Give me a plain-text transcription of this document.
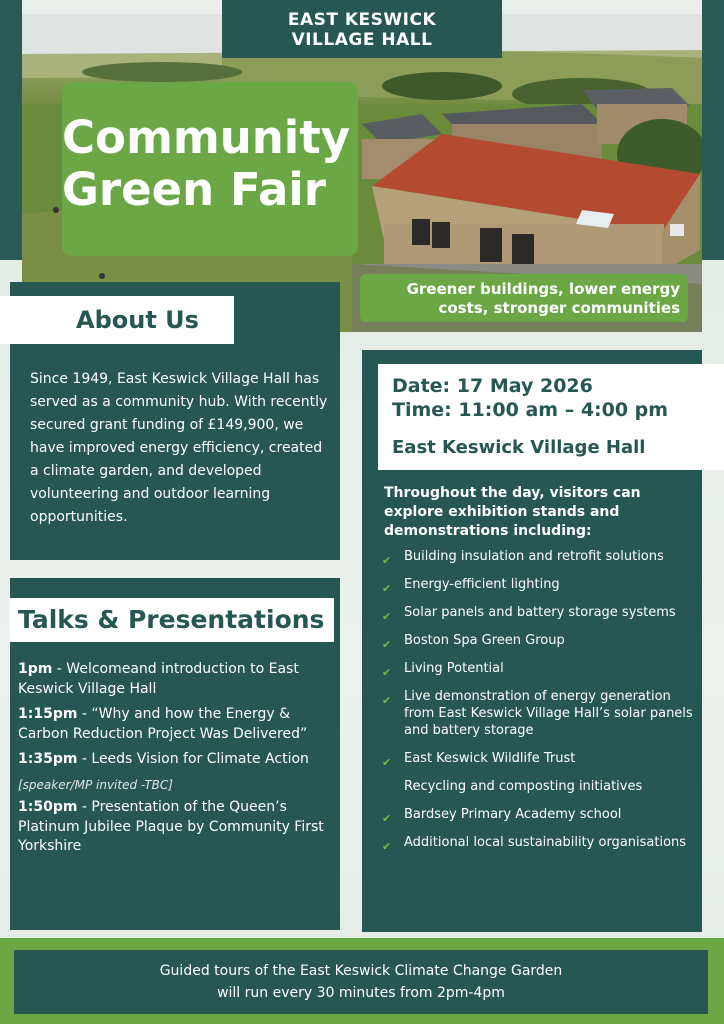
EAST KESWICK
VILLAGE HALL
Community
Green Fair
Greener buildings, lower energy
costs, stronger communities
About Us
Since 1949, East Keswick Village Hall has served as a community hub. With recently secured grant funding of £149,900, we have improved energy efficiency, created a climate garden, and developed volunteering and outdoor learning opportunities.
Talks & Presentations
1pm - Welcomeand introduction to East Keswick Village Hall
1:15pm - “Why and how the Energy & Carbon Reduction Project Was Delivered”
1:35pm - Leeds Vision for Climate Action
[speaker/MP invited -TBC]
1:50pm - Presentation of the Queen’s Platinum Jubilee Plaque by Community First Yorkshire
Date: 17 May 2026
Time: 11:00 am – 4:00 pm
East Keswick Village Hall
Throughout the day, visitors can explore exhibition stands and demonstrations including:
✔ Building insulation and retrofit solutions
✔ Energy-efficient lighting
✔ Solar panels and battery storage systems
✔ Boston Spa Green Group
✔ Living Potential
✔ Live demonstration of energy generation from East Keswick Village Hall’s solar panels and battery storage
✔ East Keswick Wildlife Trust
Recycling and composting initiatives
✔ Bardsey Primary Academy school
✔ Additional local sustainability organisations
Guided tours of the East Keswick Climate Change Garden
will run every 30 minutes from 2pm-4pm
